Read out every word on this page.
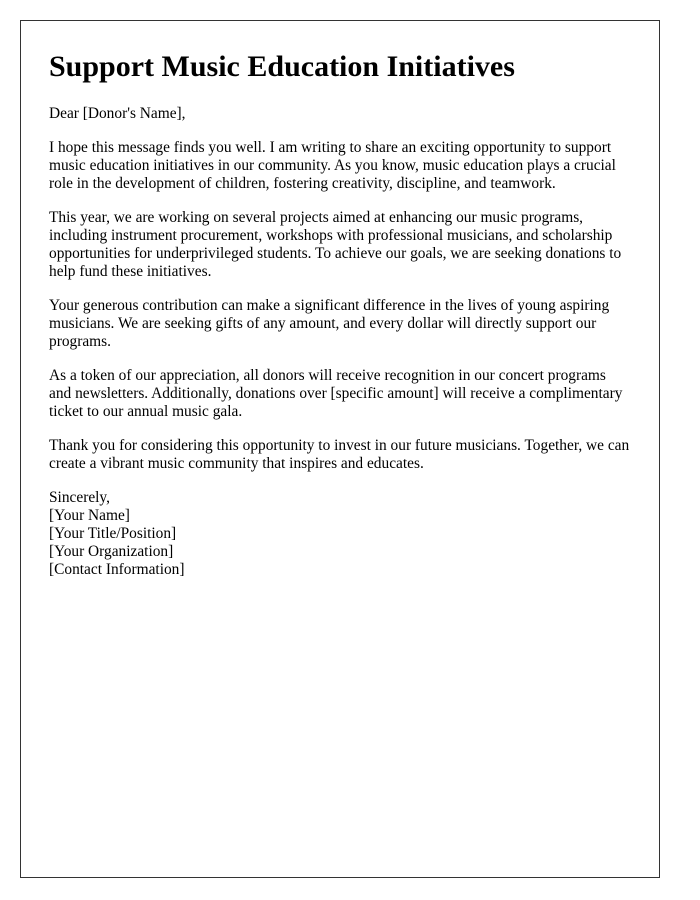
Support Music Education Initiatives

Dear [Donor's Name],

I hope this message finds you well. I am writing to share an exciting opportunity to support music education initiatives in our community. As you know, music education plays a crucial role in the development of children, fostering creativity, discipline, and teamwork.

This year, we are working on several projects aimed at enhancing our music programs, including instrument procurement, workshops with professional musicians, and scholarship opportunities for underprivileged students. To achieve our goals, we are seeking donations to help fund these initiatives.

Your generous contribution can make a significant difference in the lives of young aspiring musicians. We are seeking gifts of any amount, and every dollar will directly support our programs.

As a token of our appreciation, all donors will receive recognition in our concert programs and newsletters. Additionally, donations over [specific amount] will receive a complimentary ticket to our annual music gala.

Thank you for considering this opportunity to invest in our future musicians. Together, we can create a vibrant music community that inspires and educates.

Sincerely,
[Your Name]
[Your Title/Position]
[Your Organization]
[Contact Information]
